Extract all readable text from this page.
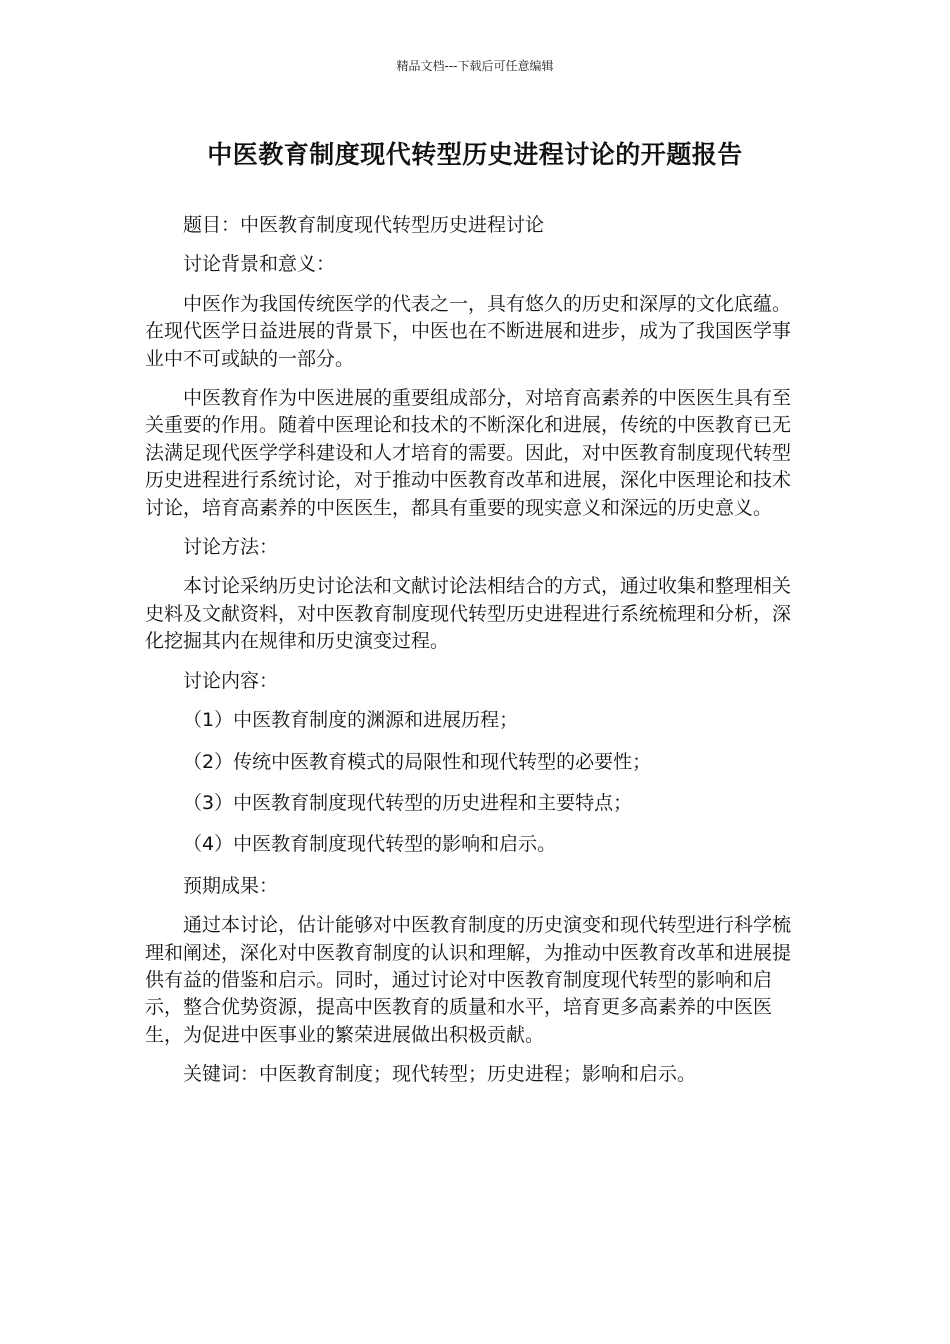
精品文档---下载后可任意编辑
中医教育制度现代转型历史进程讨论的开题报告

题目：中医教育制度现代转型历史进程讨论

讨论背景和意义：

中医作为我国传统医学的代表之一，具有悠久的历史和深厚的文化底蕴。在现代医学日益进展的背景下，中医也在不断进展和进步，成为了我国医学事业中不可或缺的一部分。

中医教育作为中医进展的重要组成部分，对培育高素养的中医医生具有至关重要的作用。随着中医理论和技术的不断深化和进展，传统的中医教育已无法满足现代医学学科建设和人才培育的需要。因此，对中医教育制度现代转型历史进程进行系统讨论，对于推动中医教育改革和进展，深化中医理论和技术讨论，培育高素养的中医医生，都具有重要的现实意义和深远的历史意义。

讨论方法：

本讨论采纳历史讨论法和文献讨论法相结合的方式，通过收集和整理相关史料及文献资料，对中医教育制度现代转型历史进程进行系统梳理和分析，深化挖掘其内在规律和历史演变过程。

讨论内容：

（1）中医教育制度的渊源和进展历程；

（2）传统中医教育模式的局限性和现代转型的必要性；

（3）中医教育制度现代转型的历史进程和主要特点；

（4）中医教育制度现代转型的影响和启示。

预期成果：

通过本讨论，估计能够对中医教育制度的历史演变和现代转型进行科学梳理和阐述，深化对中医教育制度的认识和理解，为推动中医教育改革和进展提供有益的借鉴和启示。同时，通过讨论对中医教育制度现代转型的影响和启示，整合优势资源，提高中医教育的质量和水平，培育更多高素养的中医医生，为促进中医事业的繁荣进展做出积极贡献。

关键词：中医教育制度；现代转型；历史进程；影响和启示。
